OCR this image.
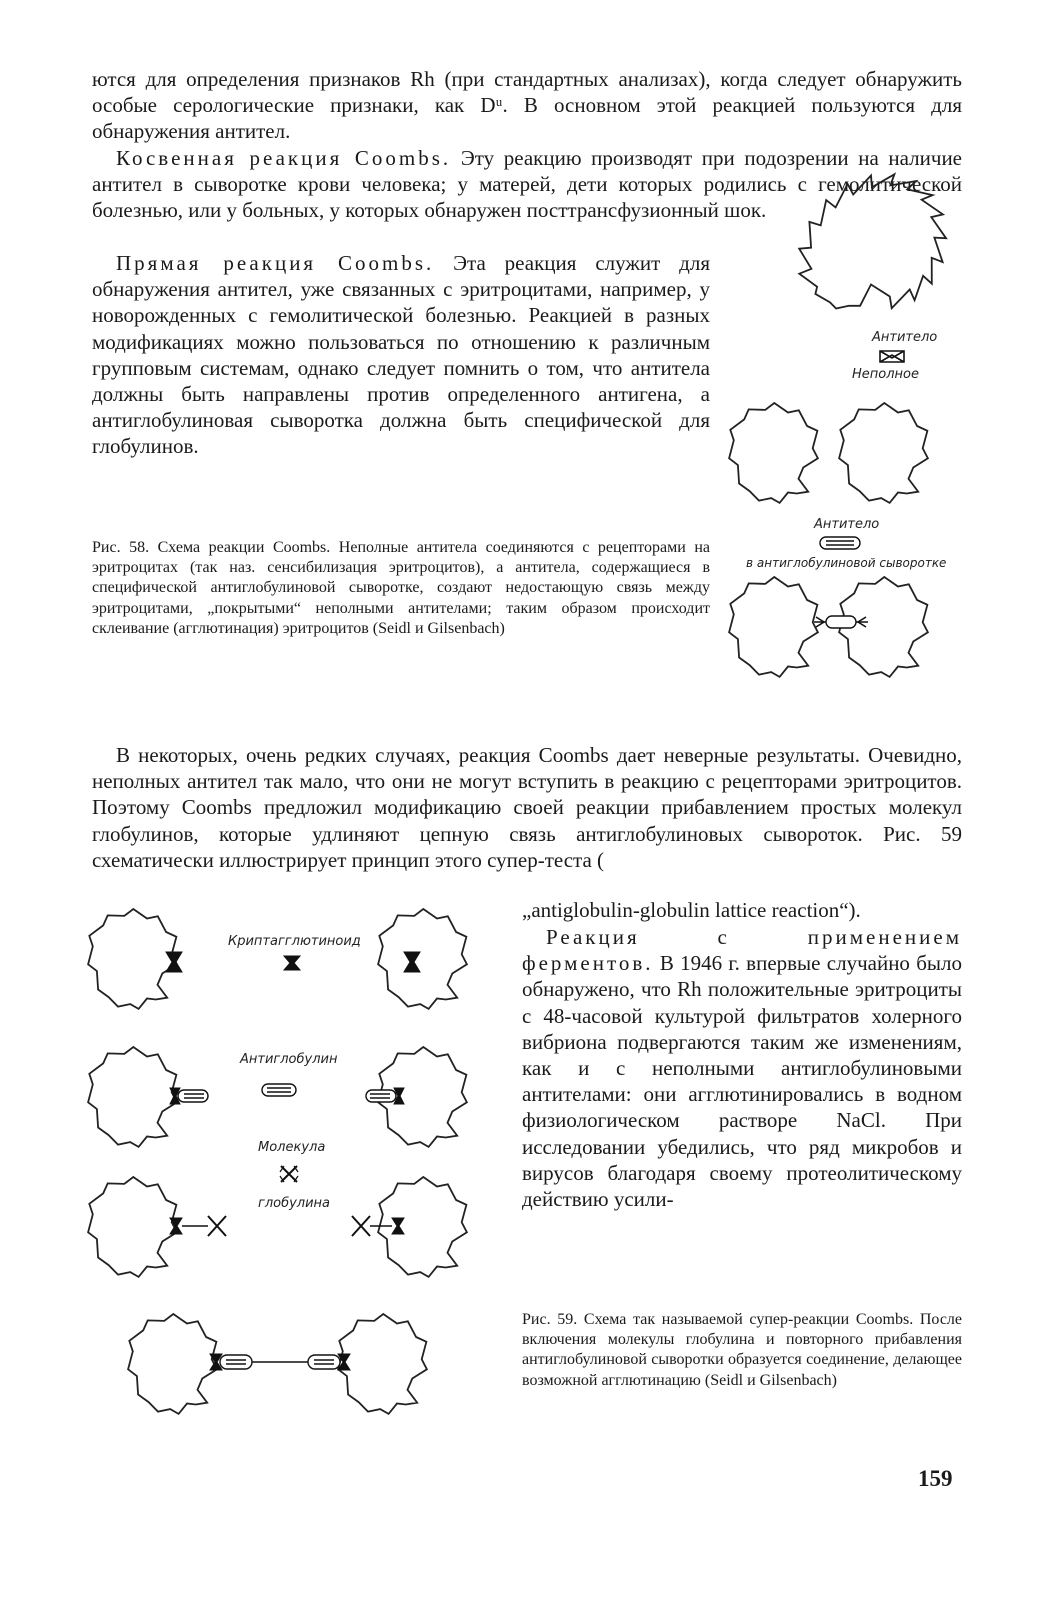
ются для определения признаков Rh (при стандартных анализах), когда следует обнаружить особые серологические признаки, как Dᵘ. В основном этой реакцией пользуются для обнаружения антител.

Косвенная реакция Coombs. Эту реакцию производят при подозрении на наличие антител в сыворотке крови человека; у матерей, дети которых родились с гемолитической болезнью, или у больных, у которых обнаружен посттрансфузионный шок.

Прямая реакция Coombs. Эта реакция служит для обнаружения антител, уже связанных с эритроцитами, например, у новорожденных с гемолитической болезнью. Реакцией в разных модификациях можно пользоваться по отношению к различным групповым системам, однако следует помнить о том, что антитела должны быть направлены против определенного антигена, а антиглобулиновая сыворотка должна быть специфической для глобулинов.

Рис. 58. Схема реакции Coombs. Неполные антитела соединяются с рецепторами на эритроцитах (так наз. сенсибилизация эритроцитов), а антитела, содержащиеся в специфической антиглобулиновой сыворотке, создают недостающую связь между эритроцитами, „покрытыми“ неполными антителами; таким образом происходит склеивание (агглютинация) эритроцитов (Seidl и Gilsenbach)

Антитело
Неполное
Антитело
в антиглобулиновой сыворотке

В некоторых, очень редких случаях, реакция Coombs дает неверные результаты. Очевидно, неполных антител так мало, что они не могут вступить в реакцию с рецепторами эритроцитов. Поэтому Coombs предложил модификацию своей реакции прибавлением простых молекул глобулинов, которые удлиняют цепную связь антиглобулиновых сывороток. Рис. 59 схематически иллюстрирует принцип этого супер-теста (

„antiglobulin-globulin lattice reaction“).

Реакция с применением ферментов. В 1946 г. впервые случайно было обнаружено, что Rh положительные эритроциты с 48-часовой культурой фильтратов холерного вибриона подвергаются таким же изменениям, как и с неполными антиглобулиновыми антителами: они агглютинировались в водном физиологическом растворе NaCl. При исследовании убедились, что ряд микробов и вирусов благодаря своему протеолитическому действию усили-

Рис. 59. Схема так называемой супер-реакции Coombs. После включения молекулы глобулина и повторного прибавления антиглобулиновой сыворотки образуется соединение, делающее возможной агглютинацию (Seidl и Gilsenbach)

Криптагглютиноид
Антиглобулин
Молекула
глобулина

159
